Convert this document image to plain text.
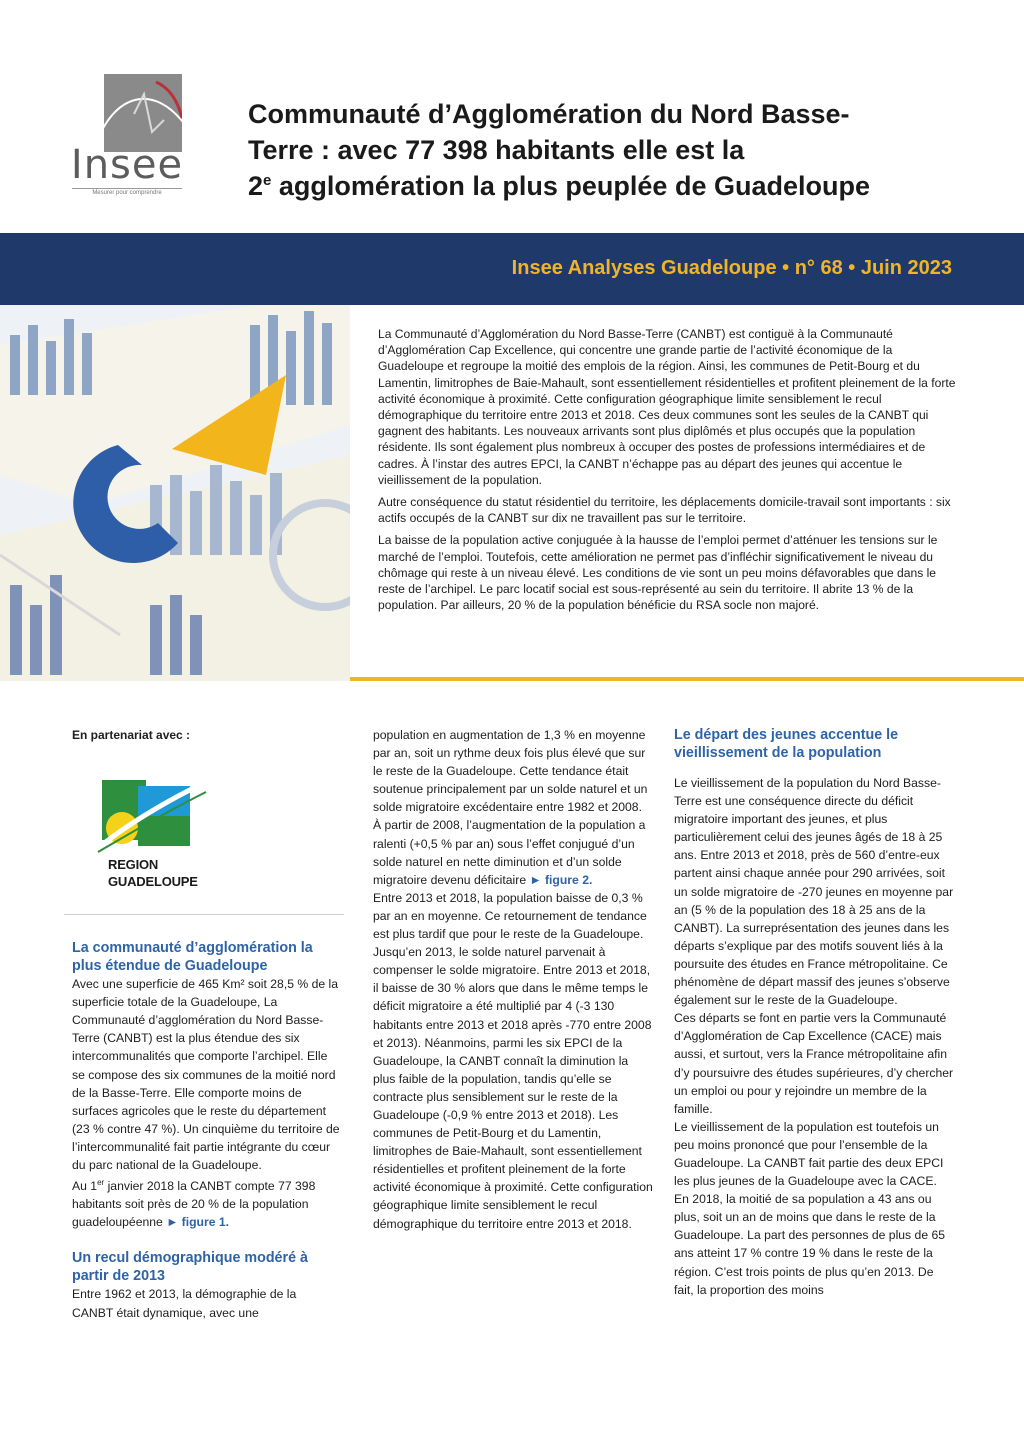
Insee
Mesurer pour comprendre
Communauté d’Agglomération du Nord Basse-
Terre : avec 77 398 habitants elle est la
2e agglomération la plus peuplée de Guadeloupe
Insee Analyses Guadeloupe • n° 68 • Juin 2023

La Communauté d’Agglomération du Nord Basse-Terre (CANBT) est contiguë à la Communauté d’Agglomération Cap Excellence, qui concentre une grande partie de l’activité économique de la Guadeloupe et regroupe la moitié des emplois de la région. Ainsi, les communes de Petit-Bourg et du Lamentin, limitrophes de Baie-Mahault, sont essentiellement résidentielles et profitent pleinement de la forte activité économique à proximité. Cette configuration géographique limite sensiblement le recul démographique du territoire entre 2013 et 2018. Ces deux communes sont les seules de la CANBT qui gagnent des habitants. Les nouveaux arrivants sont plus diplômés et plus occupés que la population résidente. Ils sont également plus nombreux à occuper des postes de professions intermédiaires et de cadres. À l’instar des autres EPCI, la CANBT n’échappe pas au départ des jeunes qui accentue le vieillissement de la population.

Autre conséquence du statut résidentiel du territoire, les déplacements domicile-travail sont importants : six actifs occupés de la CANBT sur dix ne travaillent pas sur le territoire.

La baisse de la population active conjuguée à la hausse de l’emploi permet d’atténuer les tensions sur le marché de l’emploi. Toutefois, cette amélioration ne permet pas d’infléchir significativement le niveau du chômage qui reste à un niveau élevé. Les conditions de vie sont un peu moins défavorables que dans le reste de l’archipel. Le parc locatif social est sous-représenté au sein du territoire. Il abrite 13 % de la population. Par ailleurs, 20 % de la population bénéficie du RSA socle non majoré.

En partenariat avec :

REGION
GUADELOUPE

La communauté d’agglomération la plus étendue de Guadeloupe

Avec une superficie de 465 Km² soit 28,5 % de la superficie totale de la Guadeloupe, La Communauté d’agglomération du Nord Basse-Terre (CANBT) est la plus étendue des six intercommunalités que comporte l’archipel. Elle se compose des six communes de la moitié nord de la Basse-Terre. Elle comporte moins de surfaces agricoles que le reste du département (23 % contre 47 %). Un cinquième du territoire de l’intercommunalité fait partie intégrante du cœur du parc national de la Guadeloupe.

Au 1er janvier 2018 la CANBT compte 77 398 habitants soit près de 20 % de la population guadeloupéenne ► figure 1.

Un recul démographique modéré à partir de 2013

Entre 1962 et 2013, la démographie de la CANBT était dynamique, avec une

population en augmentation de 1,3 % en moyenne par an, soit un rythme deux fois plus élevé que sur le reste de la Guadeloupe. Cette tendance était soutenue principalement par un solde naturel et un solde migratoire excédentaire entre 1982 et 2008. À partir de 2008, l’augmentation de la population a ralenti (+0,5 % par an) sous l’effet conjugué d’un solde naturel en nette diminution et d’un solde migratoire devenu déficitaire ► figure 2.

Entre 2013 et 2018, la population baisse de 0,3 % par an en moyenne. Ce retournement de tendance est plus tardif que pour le reste de la Guadeloupe. Jusqu’en 2013, le solde naturel parvenait à compenser le solde migratoire. Entre 2013 et 2018, il baisse de 30 % alors que dans le même temps le déficit migratoire a été multiplié par 4 (-3 130 habitants entre 2013 et 2018 après -770 entre 2008 et 2013). Néanmoins, parmi les six EPCI de la Guadeloupe, la CANBT connaît la diminution la plus faible de la population, tandis qu’elle se contracte plus sensiblement sur le reste de la Guadeloupe (-0,9 % entre 2013 et 2018). Les communes de Petit-Bourg et du Lamentin, limitrophes de Baie-Mahault, sont essentiellement résidentielles et profitent pleinement de la forte activité économique à proximité. Cette configuration géographique limite sensiblement le recul démographique du territoire entre 2013 et 2018.

Le départ des jeunes accentue le vieillissement de la population

Le vieillissement de la population du Nord Basse-Terre est une conséquence directe du déficit migratoire important des jeunes, et plus particulièrement celui des jeunes âgés de 18 à 25 ans. Entre 2013 et 2018, près de 560 d’entre-eux partent ainsi chaque année pour 290 arrivées, soit un solde migratoire de -270 jeunes en moyenne par an (5 % de la population des 18 à 25 ans de la CANBT). La surreprésentation des jeunes dans les départs s’explique par des motifs souvent liés à la poursuite des études en France métropolitaine. Ce phénomène de départ massif des jeunes s’observe également sur le reste de la Guadeloupe.

Ces départs se font en partie vers la Communauté d’Agglomération de Cap Excellence (CACE) mais aussi, et surtout, vers la France métropolitaine afin d’y poursuivre des études supérieures, d’y chercher un emploi ou pour y rejoindre un membre de la famille.

Le vieillissement de la population est toutefois un peu moins prononcé que pour l’ensemble de la Guadeloupe. La CANBT fait partie des deux EPCI les plus jeunes de la Guadeloupe avec la CACE. En 2018, la moitié de sa population a 43 ans ou plus, soit un an de moins que dans le reste de la Guadeloupe. La part des personnes de plus de 65 ans atteint 17 % contre 19 % dans le reste de la région. C’est trois points de plus qu’en 2013. De fait, la proportion des moins
